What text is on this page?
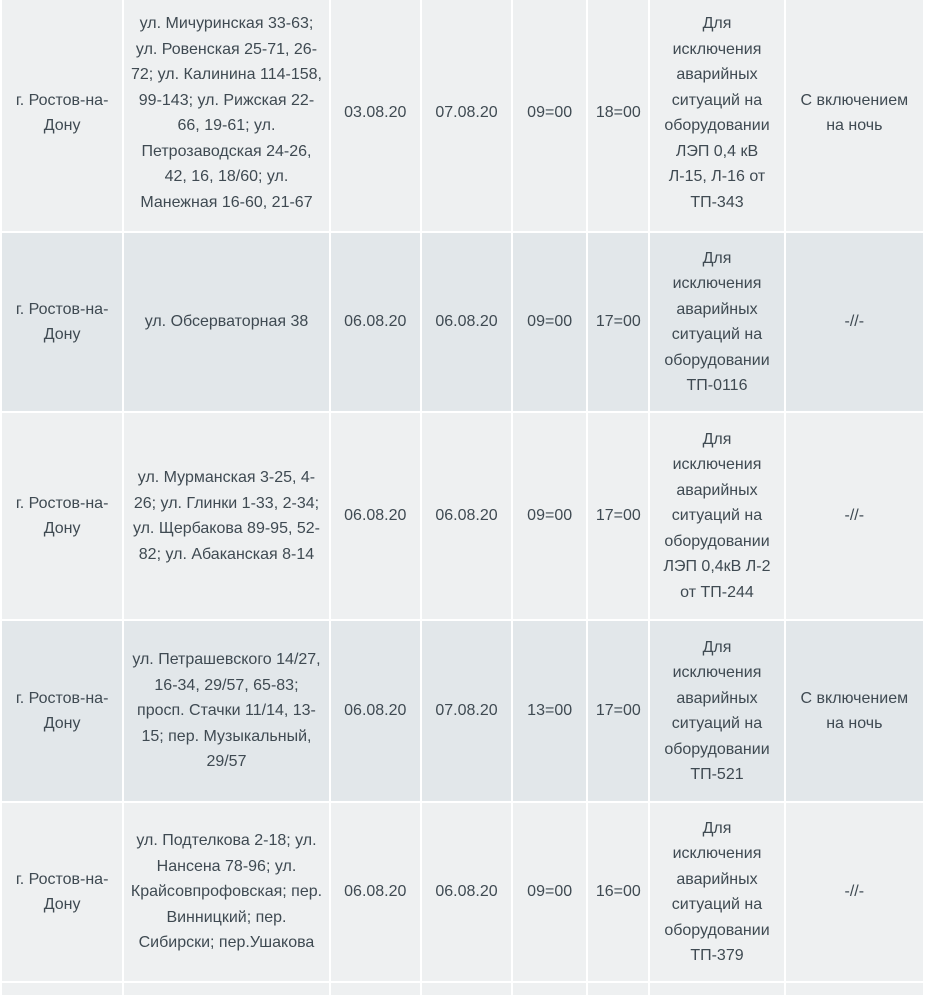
г. Ростов-на-Дону	ул. Мичуринская 33-63; ул. Ровенская 25-71, 26-72; ул. Калинина 114-158, 99-143; ул. Рижская 22-66, 19-61; ул. Петрозаводская 24-26, 42, 16, 18/60; ул. Манежная 16-60, 21-67	03.08.20	07.08.20	09=00	18=00	Для исключения аварийных ситуаций на оборудовании ЛЭП 0,4 кВ Л-15, Л-16 от ТП-343	С включением на ночь
г. Ростов-на-Дону	ул. Обсерваторная 38	06.08.20	06.08.20	09=00	17=00	Для исключения аварийных ситуаций на оборудовании ТП-0116	-//-
г. Ростов-на-Дону	ул. Мурманская 3-25, 4-26; ул. Глинки 1-33, 2-34; ул. Щербакова 89-95, 52-82; ул. Абаканская 8-14	06.08.20	06.08.20	09=00	17=00	Для исключения аварийных ситуаций на оборудовании ЛЭП 0,4кВ Л-2 от ТП-244	-//-
г. Ростов-на-Дону	ул. Петрашевского 14/27, 16-34, 29/57, 65-83; просп. Стачки 11/14, 13-15; пер. Музыкальный, 29/57	06.08.20	07.08.20	13=00	17=00	Для исключения аварийных ситуаций на оборудовании ТП-521	С включением на ночь
г. Ростов-на-Дону	ул. Подтелкова 2-18; ул. Нансена 78-96; ул. Крайсовпрофовская; пер. Винницкий; пер. Сибирски; пер.Ушакова	06.08.20	06.08.20	09=00	16=00	Для исключения аварийных ситуаций на оборудовании ТП-379	-//-
